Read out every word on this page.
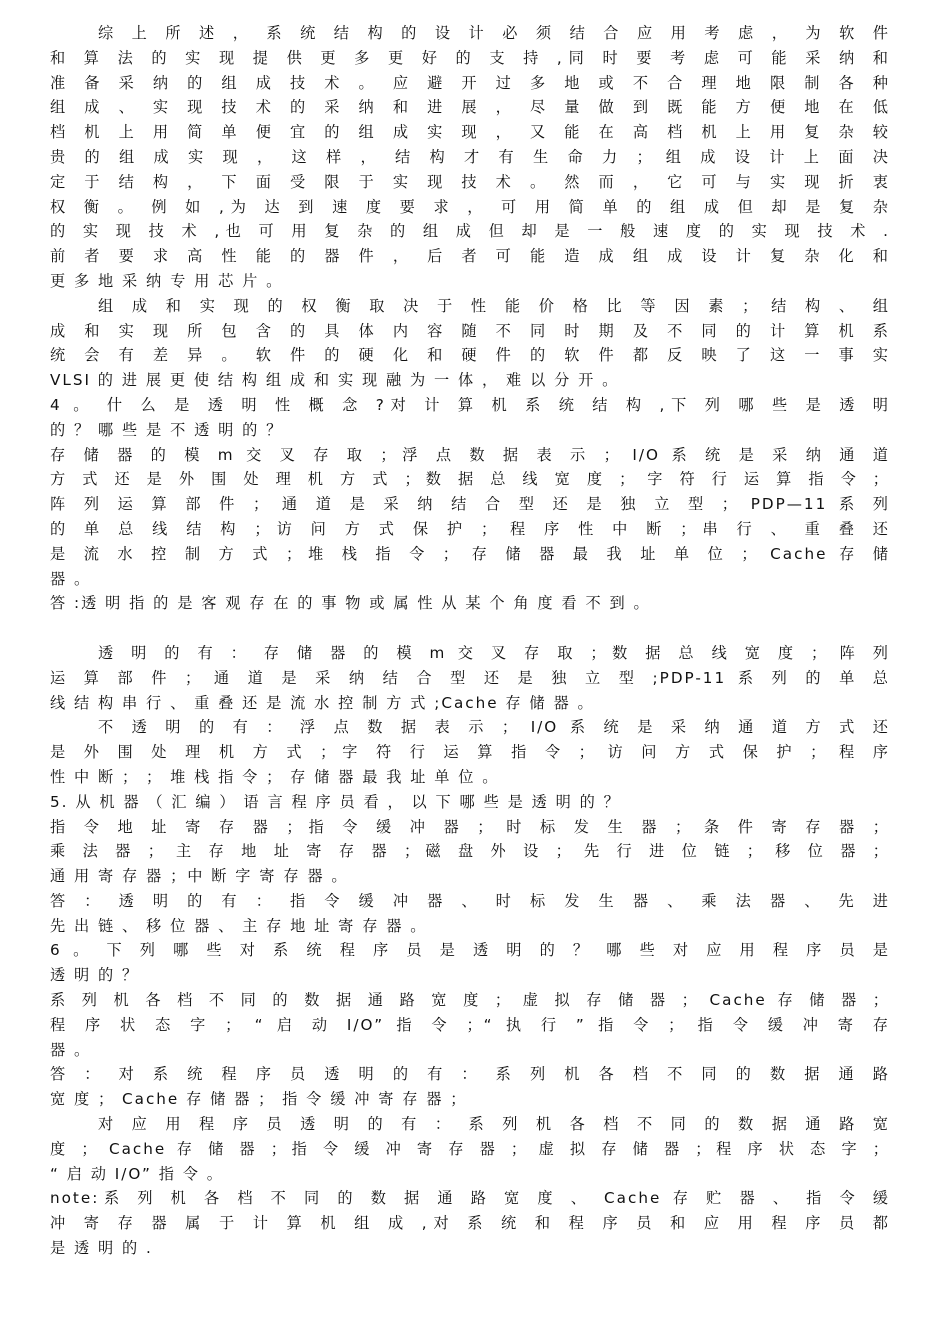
综 上 所 述 ， 系 统 结 构 的 设 计 必 须 结 合 应 用 考 虑 ， 为 软 件
和 算 法 的 实 现 提 供 更 多 更 好 的 支 持 ,同 时 要 考 虑 可 能 采 纳 和
准 备 采 纳 的 组 成 技 术 。 应 避 开 过 多 地 或 不 合 理 地 限 制 各 种
组 成 、 实 现 技 术 的 采 纳 和 进 展 ， 尽 量 做 到 既 能 方 便 地 在 低
档 机 上 用 简 单 便 宜 的 组 成 实 现 ， 又 能 在 高 档 机 上 用 复 杂 较
贵 的 组 成 实 现 ， 这 样 ， 结 构 才 有 生 命 力 ； 组 成 设 计 上 面 决
定 于 结 构 ， 下 面 受 限 于 实 现 技 术 。 然 而 ， 它 可 与 实 现 折 衷
权 衡 。 例 如 ,为 达 到 速 度 要 求 ， 可 用 简 单 的 组 成 但 却 是 复 杂
的 实 现 技 术 ,也 可 用 复 杂 的 组 成 但 却 是 一 般 速 度 的 实 现 技 术 .
前 者 要 求 高 性 能 的 器 件 ， 后 者 可 能 造 成 组 成 设 计 复 杂 化 和
更 多 地 采 纳 专 用 芯 片 。
组 成 和 实 现 的 权 衡 取 决 于 性 能 价 格 比 等 因 素 ； 结 构 、 组
成 和 实 现 所 包 含 的 具 体 内 容 随 不 同 时 期 及 不 同 的 计 算 机 系
统 会 有 差 异 。 软 件 的 硬 化 和 硬 件 的 软 件 都 反 映 了 这 一 事 实
VLSI 的 进 展 更 使 结 构 组 成 和 实 现 融 为 一 体 ， 难 以 分 开 。
4 。 什 么 是 透 明 性 概 念 ?对 计 算 机 系 统 结 构 ,下 列 哪 些 是 透 明
的 ？ 哪 些 是 不 透 明 的 ？
存 储 器 的 模 m 交 叉 存 取 ；浮 点 数 据 表 示 ； I/O 系 统 是 采 纳 通 道
方 式 还 是 外 围 处 理 机 方 式 ；数 据 总 线 宽 度 ； 字 符 行 运 算 指 令 ；
阵 列 运 算 部 件 ； 通 道 是 采 纳 结 合 型 还 是 独 立 型 ； PDP—11 系 列
的 单 总 线 结 构 ；访 问 方 式 保 护 ； 程 序 性 中 断 ；串 行 、 重 叠 还
是 流 水 控 制 方 式 ；堆 栈 指 令 ； 存 储 器 最 我 址 单 位 ； Cache 存 储
器 。
答 :透 明 指 的 是 客 观 存 在 的 事 物 或 属 性 从 某 个 角 度 看 不 到 。
透 明 的 有 ： 存 储 器 的 模 m 交 叉 存 取 ；数 据 总 线 宽 度 ； 阵 列
运 算 部 件 ； 通 道 是 采 纳 结 合 型 还 是 独 立 型 ;PDP-11 系 列 的 单 总
线 结 构 串 行 、 重 叠 还 是 流 水 控 制 方 式 ;Cache 存 储 器 。
不 透 明 的 有 ： 浮 点 数 据 表 示 ； I/O 系 统 是 采 纳 通 道 方 式 还
是 外 围 处 理 机 方 式 ；字 符 行 运 算 指 令 ； 访 问 方 式 保 护 ； 程 序
性 中 断 ； ； 堆 栈 指 令 ； 存 储 器 最 我 址 单 位 。
5. 从 机 器 （ 汇 编 ） 语 言 程 序 员 看 ， 以 下 哪 些 是 透 明 的 ？
指 令 地 址 寄 存 器 ；指 令 缓 冲 器 ； 时 标 发 生 器 ； 条 件 寄 存 器 ；
乘 法 器 ； 主 存 地 址 寄 存 器 ；磁 盘 外 设 ； 先 行 进 位 链 ； 移 位 器 ；
通 用 寄 存 器 ；中 断 字 寄 存 器 。
答 ： 透 明 的 有 ： 指 令 缓 冲 器 、 时 标 发 生 器 、 乘 法 器 、 先 进
先 出 链 、 移 位 器 、 主 存 地 址 寄 存 器 。
6 。 下 列 哪 些 对 系 统 程 序 员 是 透 明 的 ？ 哪 些 对 应 用 程 序 员 是
透 明 的 ？
系 列 机 各 档 不 同 的 数 据 通 路 宽 度 ； 虚 拟 存 储 器 ； Cache 存 储 器 ；
程 序 状 态 字 ； “ 启 动 I/O” 指 令 ；“ 执 行 ” 指 令 ； 指 令 缓 冲 寄 存
器 。
答 ： 对 系 统 程 序 员 透 明 的 有 ： 系 列 机 各 档 不 同 的 数 据 通 路
宽 度 ； Cache 存 储 器 ； 指 令 缓 冲 寄 存 器 ；
对 应 用 程 序 员 透 明 的 有 ： 系 列 机 各 档 不 同 的 数 据 通 路 宽
度 ； Cache 存 储 器 ；指 令 缓 冲 寄 存 器 ； 虚 拟 存 储 器 ；程 序 状 态 字 ；
“ 启 动 I/O” 指 令 。
note:系 列 机 各 档 不 同 的 数 据 通 路 宽 度 、 Cache 存 贮 器 、 指 令 缓
冲 寄 存 器 属 于 计 算 机 组 成 ,对 系 统 和 程 序 员 和 应 用 程 序 员 都
是 透 明 的 .
